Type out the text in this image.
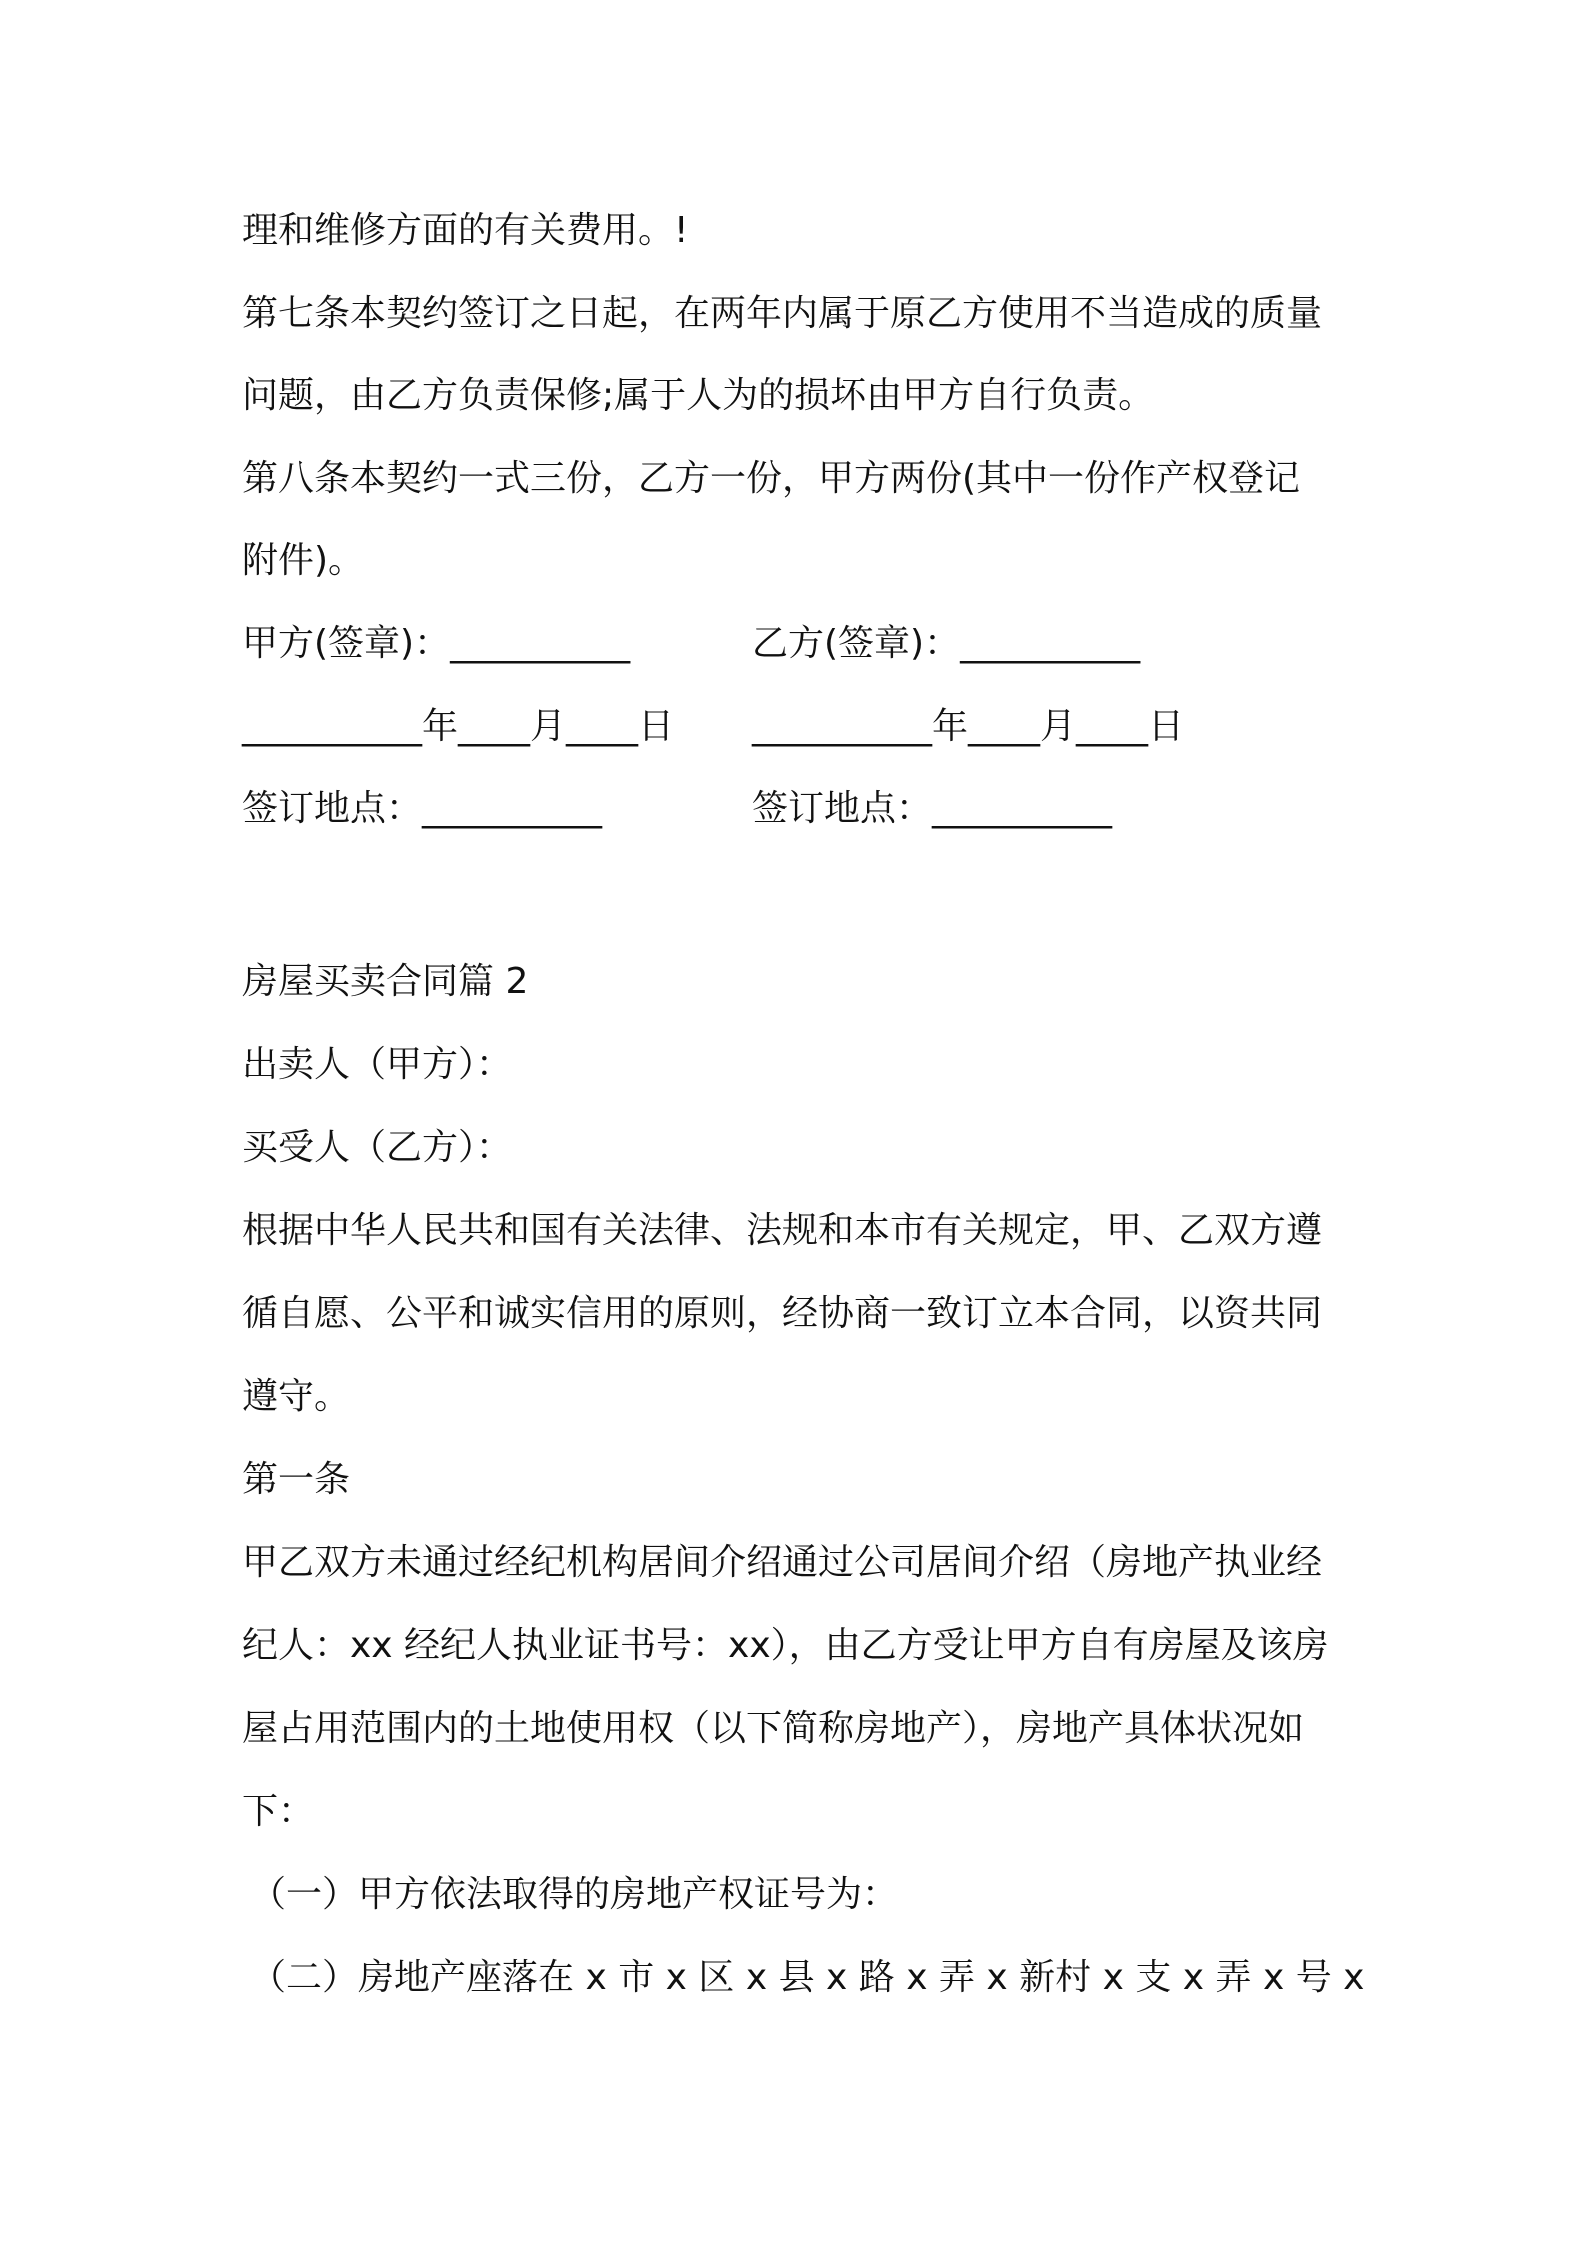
理和维修方面的有关费用。!
第七条本契约签订之日起，在两年内属于原乙方使用不当造成的质量
问题，由乙方负责保修;属于人为的损坏由甲方自行负责。
第八条本契约一式三份，乙方一份，甲方两份(其中一份作产权登记
附件)。
甲方(签章)：__________	乙方(签章)：__________
__________年____月____日 __________年____月____日
签订地点：__________	签订地点：__________
房屋买卖合同篇 2
出卖人（甲方）：
买受人（乙方）：
根据中华人民共和国有关法律、法规和本市有关规定，甲、乙双方遵
循自愿、公平和诚实信用的原则，经协商一致订立本合同，以资共同
遵守。
第一条
甲乙双方未通过经纪机构居间介绍通过公司居间介绍（房地产执业经
纪人：xx 经纪人执业证书号：xx），由乙方受让甲方自有房屋及该房
屋占用范围内的土地使用权（以下简称房地产），房地产具体状况如
下：
（一）甲方依法取得的房地产权证号为：
（二）房地产座落在 x 市 x 区 x 县 x 路 x 弄 x 新村 x 支 x 弄 x 号 x
